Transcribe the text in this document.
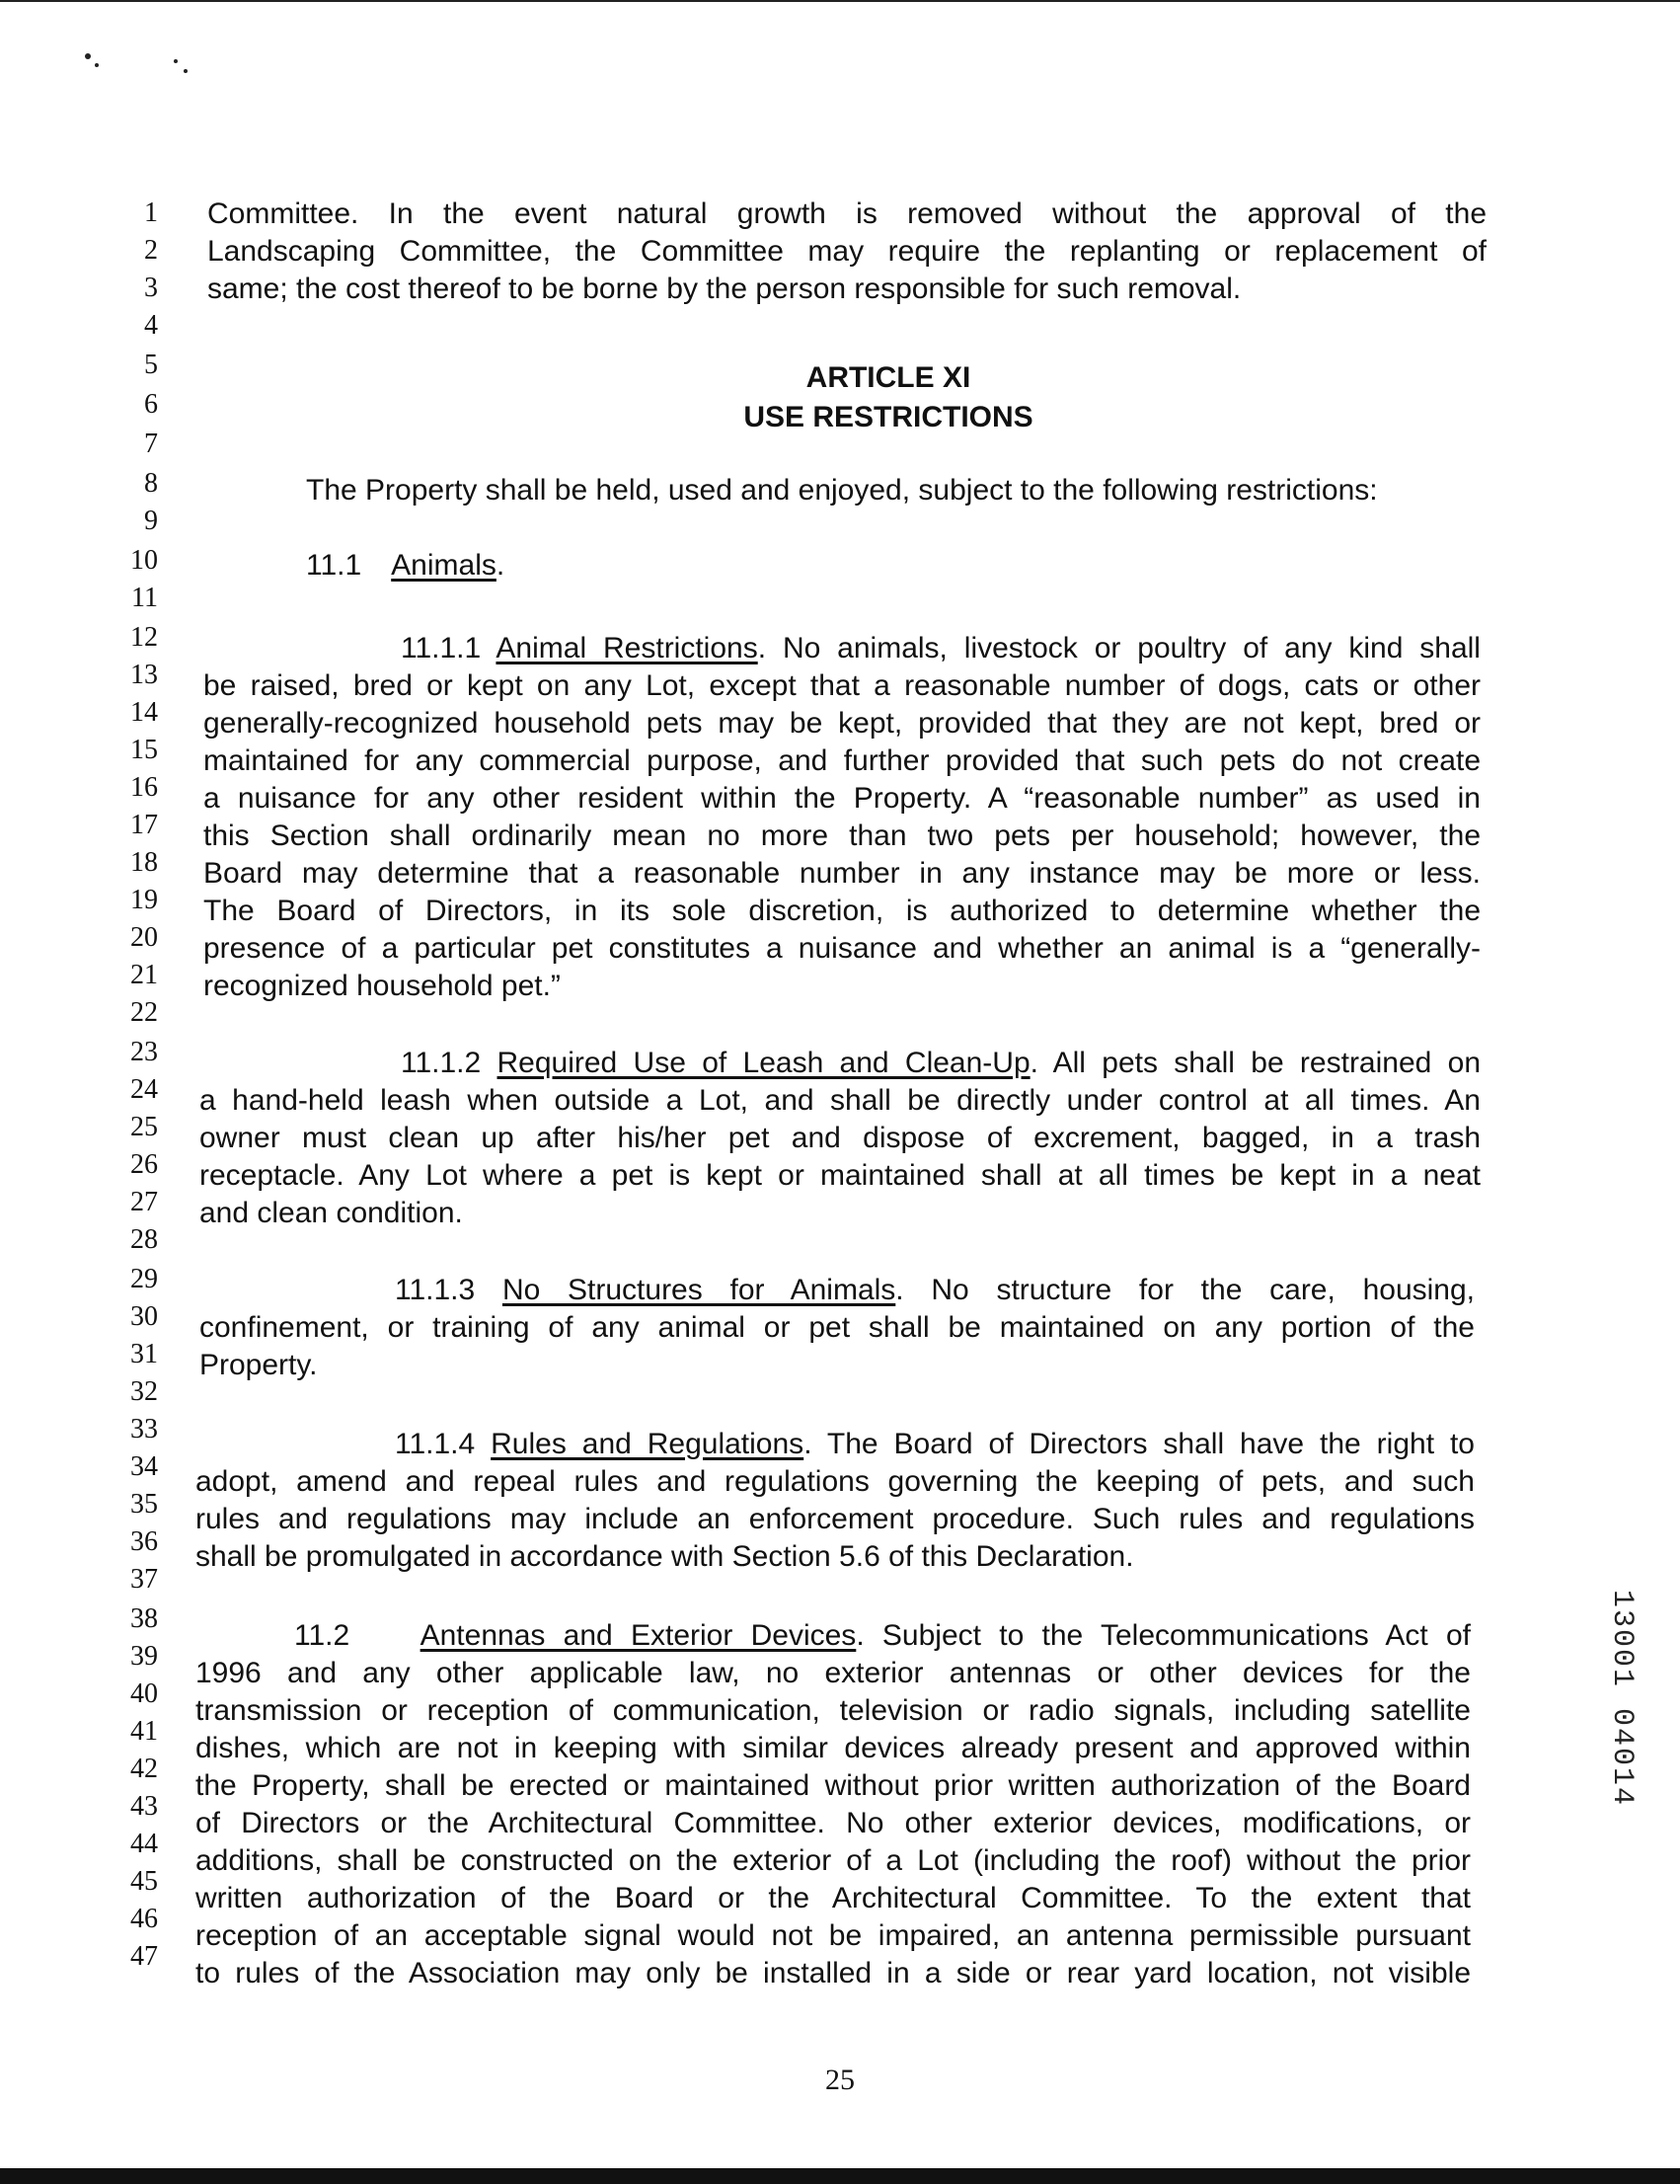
1
2
3
4
5
6
7
8
9
10
11
12
13
14
15
16
17
18
19
20
21
22
23
24
25
26
27
28
29
30
31
32
33
34
35
36
37
38
39
40
41
42
43
44
45
46
47
Committee. In the event natural growth is removed without the approval of the
Landscaping Committee, the Committee may require the replanting or replacement of
same; the cost thereof to be borne by the person responsible for such removal.
ARTICLE XI
USE RESTRICTIONS
The Property shall be held, used and enjoyed, subject to the following restrictions:
11.1 Animals.
11.1.1 Animal Restrictions. No animals, livestock or poultry of any kind shall
be raised, bred or kept on any Lot, except that a reasonable number of dogs, cats or other
generally-recognized household pets may be kept, provided that they are not kept, bred or
maintained for any commercial purpose, and further provided that such pets do not create
a nuisance for any other resident within the Property. A “reasonable number” as used in
this Section shall ordinarily mean no more than two pets per household; however, the
Board may determine that a reasonable number in any instance may be more or less.
The Board of Directors, in its sole discretion, is authorized to determine whether the
presence of a particular pet constitutes a nuisance and whether an animal is a “generally-
recognized household pet.”
11.1.2 Required Use of Leash and Clean-Up. All pets shall be restrained on
a hand-held leash when outside a Lot, and shall be directly under control at all times. An
owner must clean up after his/her pet and dispose of excrement, bagged, in a trash
receptacle. Any Lot where a pet is kept or maintained shall at all times be kept in a neat
and clean condition.
11.1.3 No Structures for Animals. No structure for the care, housing,
confinement, or training of any animal or pet shall be maintained on any portion of the
Property.
11.1.4 Rules and Regulations. The Board of Directors shall have the right to
adopt, amend and repeal rules and regulations governing the keeping of pets, and such
rules and regulations may include an enforcement procedure. Such rules and regulations
shall be promulgated in accordance with Section 5.6 of this Declaration.
11.2 Antennas and Exterior Devices. Subject to the Telecommunications Act of
1996 and any other applicable law, no exterior antennas or other devices for the
transmission or reception of communication, television or radio signals, including satellite
dishes, which are not in keeping with similar devices already present and approved within
the Property, shall be erected or maintained without prior written authorization of the Board
of Directors or the Architectural Committee. No other exterior devices, modifications, or
additions, shall be constructed on the exterior of a Lot (including the roof) without the prior
written authorization of the Board or the Architectural Committee. To the extent that
reception of an acceptable signal would not be impaired, an antenna permissible pursuant
to rules of the Association may only be installed in a side or rear yard location, not visible
13001 04014
25
